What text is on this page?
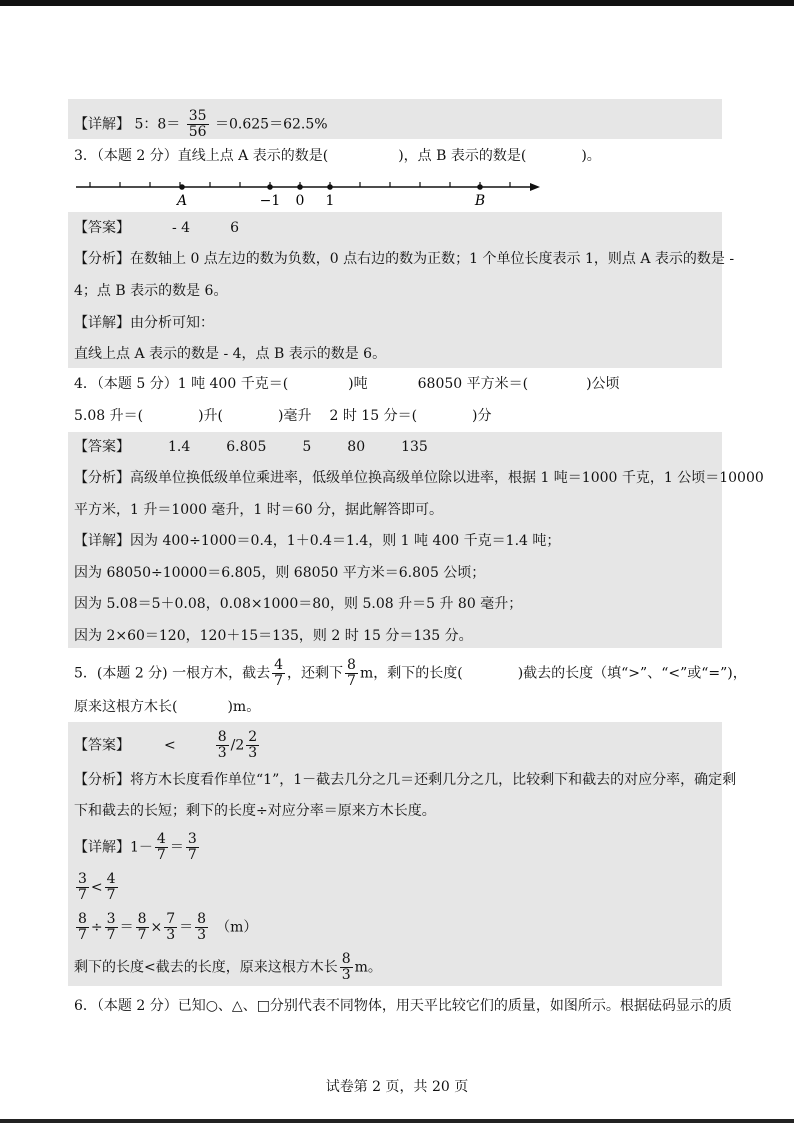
【详解】 5：$8= \frac{35}{56} =0.625=62.5\%$
3．（本题 2 分）直线上点 A 表示的数是(	)，点 B 表示的数是(	)。
A	−1 0 1	B
【答案】	- 4	6
【分析】在数轴上 0 点左边的数为负数，0 点右边的数为正数；1 个单位长度表示 1，则点 A 表示的数是 -
4；点 B 表示的数是 6。
【详解】由分析可知：
直线上点 A 表示的数是 - 4，点 B 表示的数是 6。
4．（本题 5 分）1 吨 400 千克＝(	)吨	68050 平方米＝(	)公顷
5.08 升＝(	)升(	)毫升 2 时 15 分＝(	)分
【答案】	1.4	6.805	5	80	135
【分析】高级单位换低级单位乘进率，低级单位换高级单位除以进率，根据 1 吨＝1000 千克，1 公顷＝10000
平方米，1 升＝1000 毫升，1 时＝60 分，据此解答即可。
【详解】因为 400÷1000＝0.4，1＋0.4＝1.4，则 1 吨 400 千克＝1.4 吨；
因为 68050÷10000＝6.805，则 68050 平方米＝6.805 公顷；
因为 5.08＝5＋0.08，0.08×1000＝80，则 5.08 升＝5 升 80 毫升；
因为 2×60＝120，120＋15＝135，则 2 时 15 分＝135 分。
5．(本题 2 分) 一根方木，截去 $\frac{4}{7}$ ，还剩下 $\frac{8}{7}$ m，剩下的长度(	)截去的长度（填“>”、“<”或“=”)，
原来这根方木长(	)m。
【答案】 <	$\frac{8}{3} /2 \frac{2}{3}$
【分析】将方木长度看作单位“1”，1－截去几分之几＝还剩几分之几，比较剩下和截去的对应分率，确定剩
下和截去的长短；剩下的长度÷对应分率＝原来方木长度。
【详解】$1- \frac{4}{7} = \frac{3}{7}$
$\frac{3}{7} < \frac{4}{7}$
$\frac{8}{7} \div \frac{3}{7} = \frac{8}{7} \times \frac{7}{3} = \frac{8}{3} (m)$
剩下的长度<截去的长度，原来这根方木长 $\frac{8}{3}$ m。
6．（本题 2 分）已知○、△、□分别代表不同物体，用天平比较它们的质量，如图所示。根据砝码显示的质
试卷第 2 页，共 20 页
